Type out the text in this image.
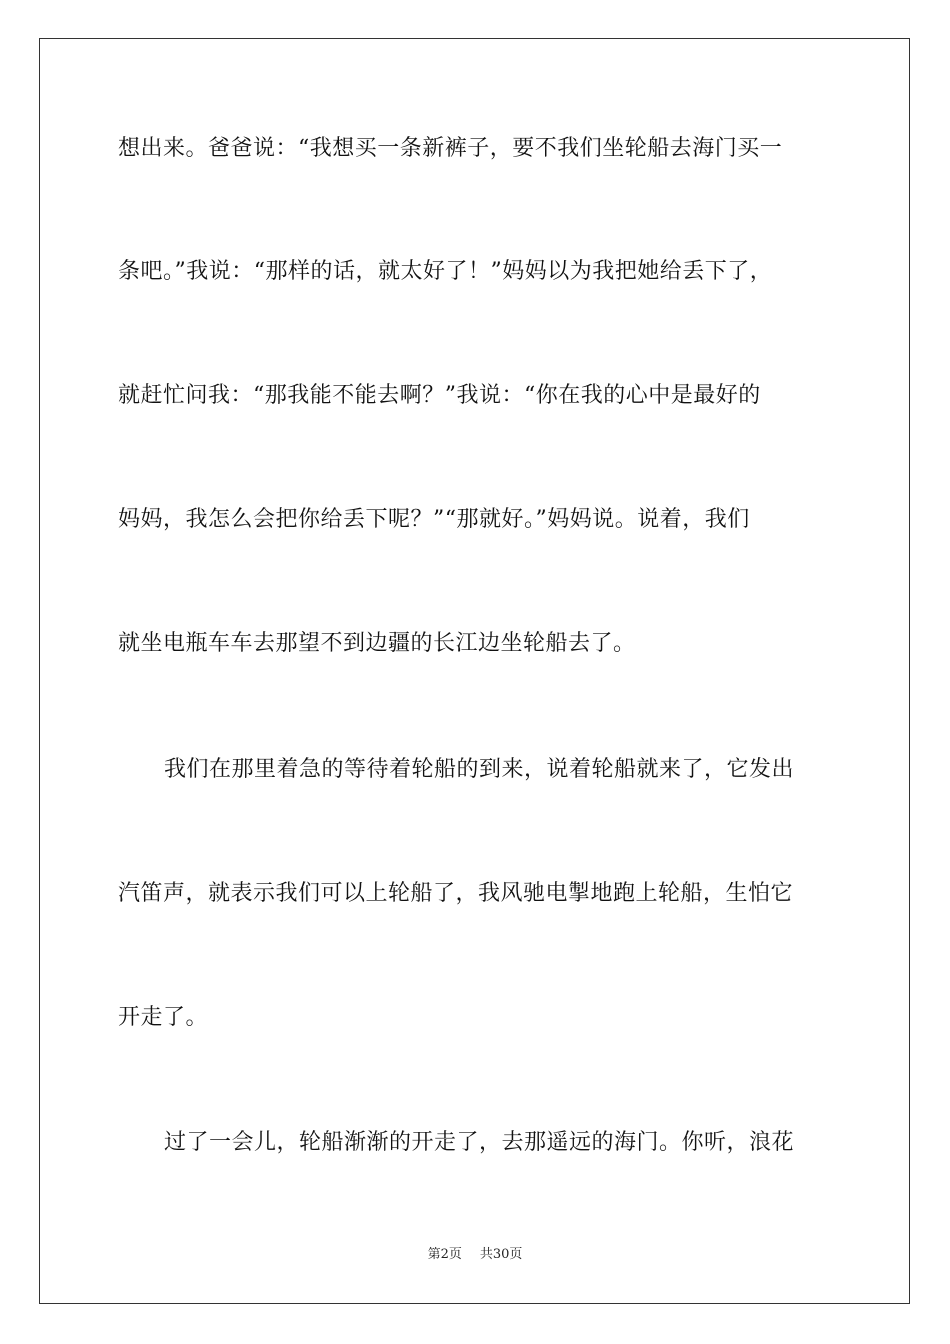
想出来。爸爸说：“我想买一条新裤子，要不我们坐轮船去海门买一
条吧。”我说：“那样的话，就太好了！”妈妈以为我把她给丢下了，
就赶忙问我：“那我能不能去啊？”我说：“你在我的心中是最好的
妈妈，我怎么会把你给丢下呢？”“那就好。”妈妈说。说着，我们
就坐电瓶车车去那望不到边疆的长江边坐轮船去了。
我们在那里着急的等待着轮船的到来，说着轮船就来了，它发出
汽笛声，就表示我们可以上轮船了，我风驰电掣地跑上轮船，生怕它
开走了。
过了一会儿，轮船渐渐的开走了，去那遥远的海门。你听，浪花
第2页 共30页
